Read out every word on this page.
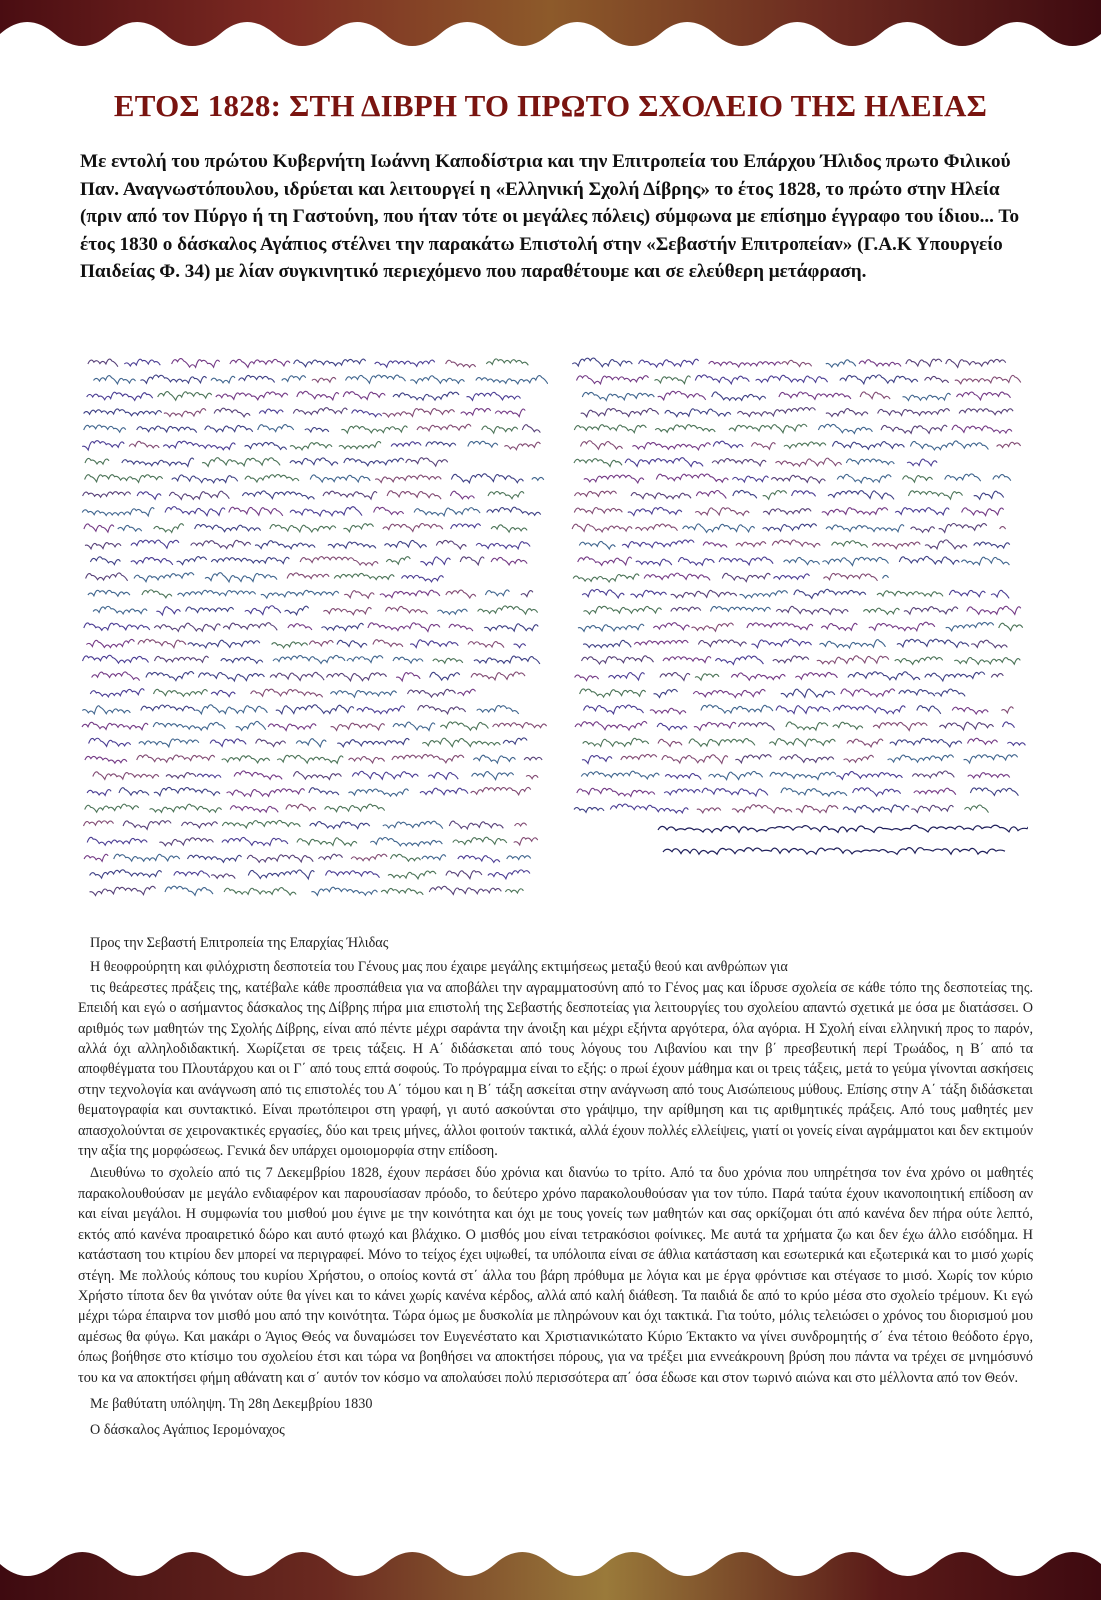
ΕΤΟΣ 1828: ΣΤΗ ΔΙΒΡΗ ΤΟ ΠΡΩΤΟ ΣΧΟΛΕΙΟ ΤΗΣ ΗΛΕΙΑΣ
Με εντολή του πρώτου Κυβερνήτη Ιωάννη Καποδίστρια και την Επιτροπεία του Επάρχου Ήλιδος πρωτο Φιλικού Παν. Αναγνωστόπουλου, ιδρύεται και λειτουργεί η «Ελληνική Σχολή Δίβρης» το έτος 1828, το πρώτο στην Ηλεία (πριν από τον Πύργο ή τη Γαστούνη, που ήταν τότε οι μεγάλες πόλεις) σύμφωνα με επίσημο έγγραφο του ίδιου... Το έτος 1830 ο δάσκαλος Αγάπιος στέλνει την παρακάτω Επιστολή στην «Σεβαστήν Επιτροπείαν» (Γ.Α.Κ Υπουργείο Παιδείας Φ. 34) με λίαν συγκινητικό περιεχόμενο που παραθέτουμε και σε ελεύθερη μετάφραση.

Προς την Σεβαστή Επιτροπεία της Επαρχίας Ήλιδας

Η θεοφρούρητη και φιλόχριστη δεσποτεία του Γένους μας που έχαιρε μεγάλης εκτιμήσεως μεταξύ θεού και ανθρώπων για

τις θεάρεστες πράξεις της, κατέβαλε κάθε προσπάθεια για να αποβάλει την αγραμματοσύνη από το Γένος μας και ίδρυσε σχολεία σε κάθε τόπο της δεσποτείας της. Επειδή και εγώ ο ασήμαντος δάσκαλος της Δίβρης πήρα μια επιστολή της Σεβαστής δεσποτείας για λειτουργίες του σχολείου απαντώ σχετικά με όσα με διατάσσει. Ο αριθμός των μαθητών της Σχολής Δίβρης, είναι από πέντε μέχρι σαράντα την άνοιξη και μέχρι εξήντα αργότερα, όλα αγόρια. Η Σχολή είναι ελληνική προς το παρόν, αλλά όχι αλληλοδιδακτική. Χωρίζεται σε τρεις τάξεις. Η Α΄ διδάσκεται από τους λόγους του Λιβανίου και την β΄ πρεσβευτική περί Τρωάδος, η Β΄ από τα αποφθέγματα του Πλουτάρχου και οι Γ΄ από τους επτά σοφούς. Το πρόγραμμα είναι το εξής: ο πρωί έχουν μάθημα και οι τρεις τάξεις, μετά το γεύμα γίνονται ασκήσεις στην τεχνολογία και ανάγνωση από τις επιστολές του Α΄ τόμου και η Β΄ τάξη ασκείται στην ανάγνωση από τους Αισώπειους μύθους. Επίσης στην Α΄ τάξη διδάσκεται θεματογραφία και συντακτικό. Είναι πρωτόπειροι στη γραφή, γι αυτό ασκούνται στο γράψιμο, την αρίθμηση και τις αριθμητικές πράξεις. Από τους μαθητές μεν απασχολούνται σε χειρονακτικές εργασίες, δύο και τρεις μήνες, άλλοι φοιτούν τακτικά, αλλά έχουν πολλές ελλείψεις, γιατί οι γονείς είναι αγράμματοι και δεν εκτιμούν την αξία της μορφώσεως. Γενικά δεν υπάρχει ομοιομορφία στην επίδοση.

Διευθύνω το σχολείο από τις 7 Δεκεμβρίου 1828, έχουν περάσει δύο χρόνια και διανύω το τρίτο. Από τα δυο χρόνια που υπηρέτησα τον ένα χρόνο οι μαθητές παρακολουθούσαν με μεγάλο ενδιαφέρον και παρουσίασαν πρόοδο, το δεύτερο χρόνο παρακολουθούσαν για τον τύπο. Παρά ταύτα έχουν ικανοποιητική επίδοση αν και είναι μεγάλοι. Η συμφωνία του μισθού μου έγινε με την κοινότητα και όχι με τους γονείς των μαθητών και σας ορκίζομαι ότι από κανένα δεν πήρα ούτε λεπτό, εκτός από κανένα προαιρετικό δώρο και αυτό φτωχό και βλάχικο. Ο μισθός μου είναι τετρακόσιοι φοίνικες. Με αυτά τα χρήματα ζω και δεν έχω άλλο εισόδημα. Η κατάσταση του κτιρίου δεν μπορεί να περιγραφεί. Μόνο το τείχος έχει υψωθεί, τα υπόλοιπα είναι σε άθλια κατάσταση και εσωτερικά και εξωτερικά και το μισό χωρίς στέγη. Με πολλούς κόπους του κυρίου Χρήστου, ο οποίος κοντά στ΄ άλλα του βάρη πρόθυμα με λόγια και με έργα φρόντισε και στέγασε το μισό. Χωρίς τον κύριο Χρήστο τίποτα δεν θα γινόταν ούτε θα γίνει και το κάνει χωρίς κανένα κέρδος, αλλά από καλή διάθεση. Τα παιδιά δε από το κρύο μέσα στο σχολείο τρέμουν. Κι εγώ μέχρι τώρα έπαιρνα τον μισθό μου από την κοινότητα. Τώρα όμως με δυσκολία με πληρώνουν και όχι τακτικά. Για τούτο, μόλις τελειώσει ο χρόνος του διορισμού μου αμέσως θα φύγω. Και μακάρι ο Άγιος Θεός να δυναμώσει τον Ευγενέστατο και Χριστιανικώτατο Κύριο Έκτακτο να γίνει συνδρομητής σ΄ ένα τέτοιο θεόδοτο έργο, όπως βοήθησε στο κτίσιμο του σχολείου έτσι και τώρα να βοηθήσει να αποκτήσει πόρους, για να τρέξει μια εννεάκρουνη βρύση που πάντα να τρέχει σε μνημόσυνό του κα να αποκτήσει φήμη αθάνατη και σ΄ αυτόν τον κόσμο να απολαύσει πολύ περισσότερα απ΄ όσα έδωσε και στον τωρινό αιώνα και στο μέλλοντα από τον Θεόν.

Με βαθύτατη υπόληψη. Τη 28η Δεκεμβρίου 1830

Ο δάσκαλος Αγάπιος Ιερομόναχος
